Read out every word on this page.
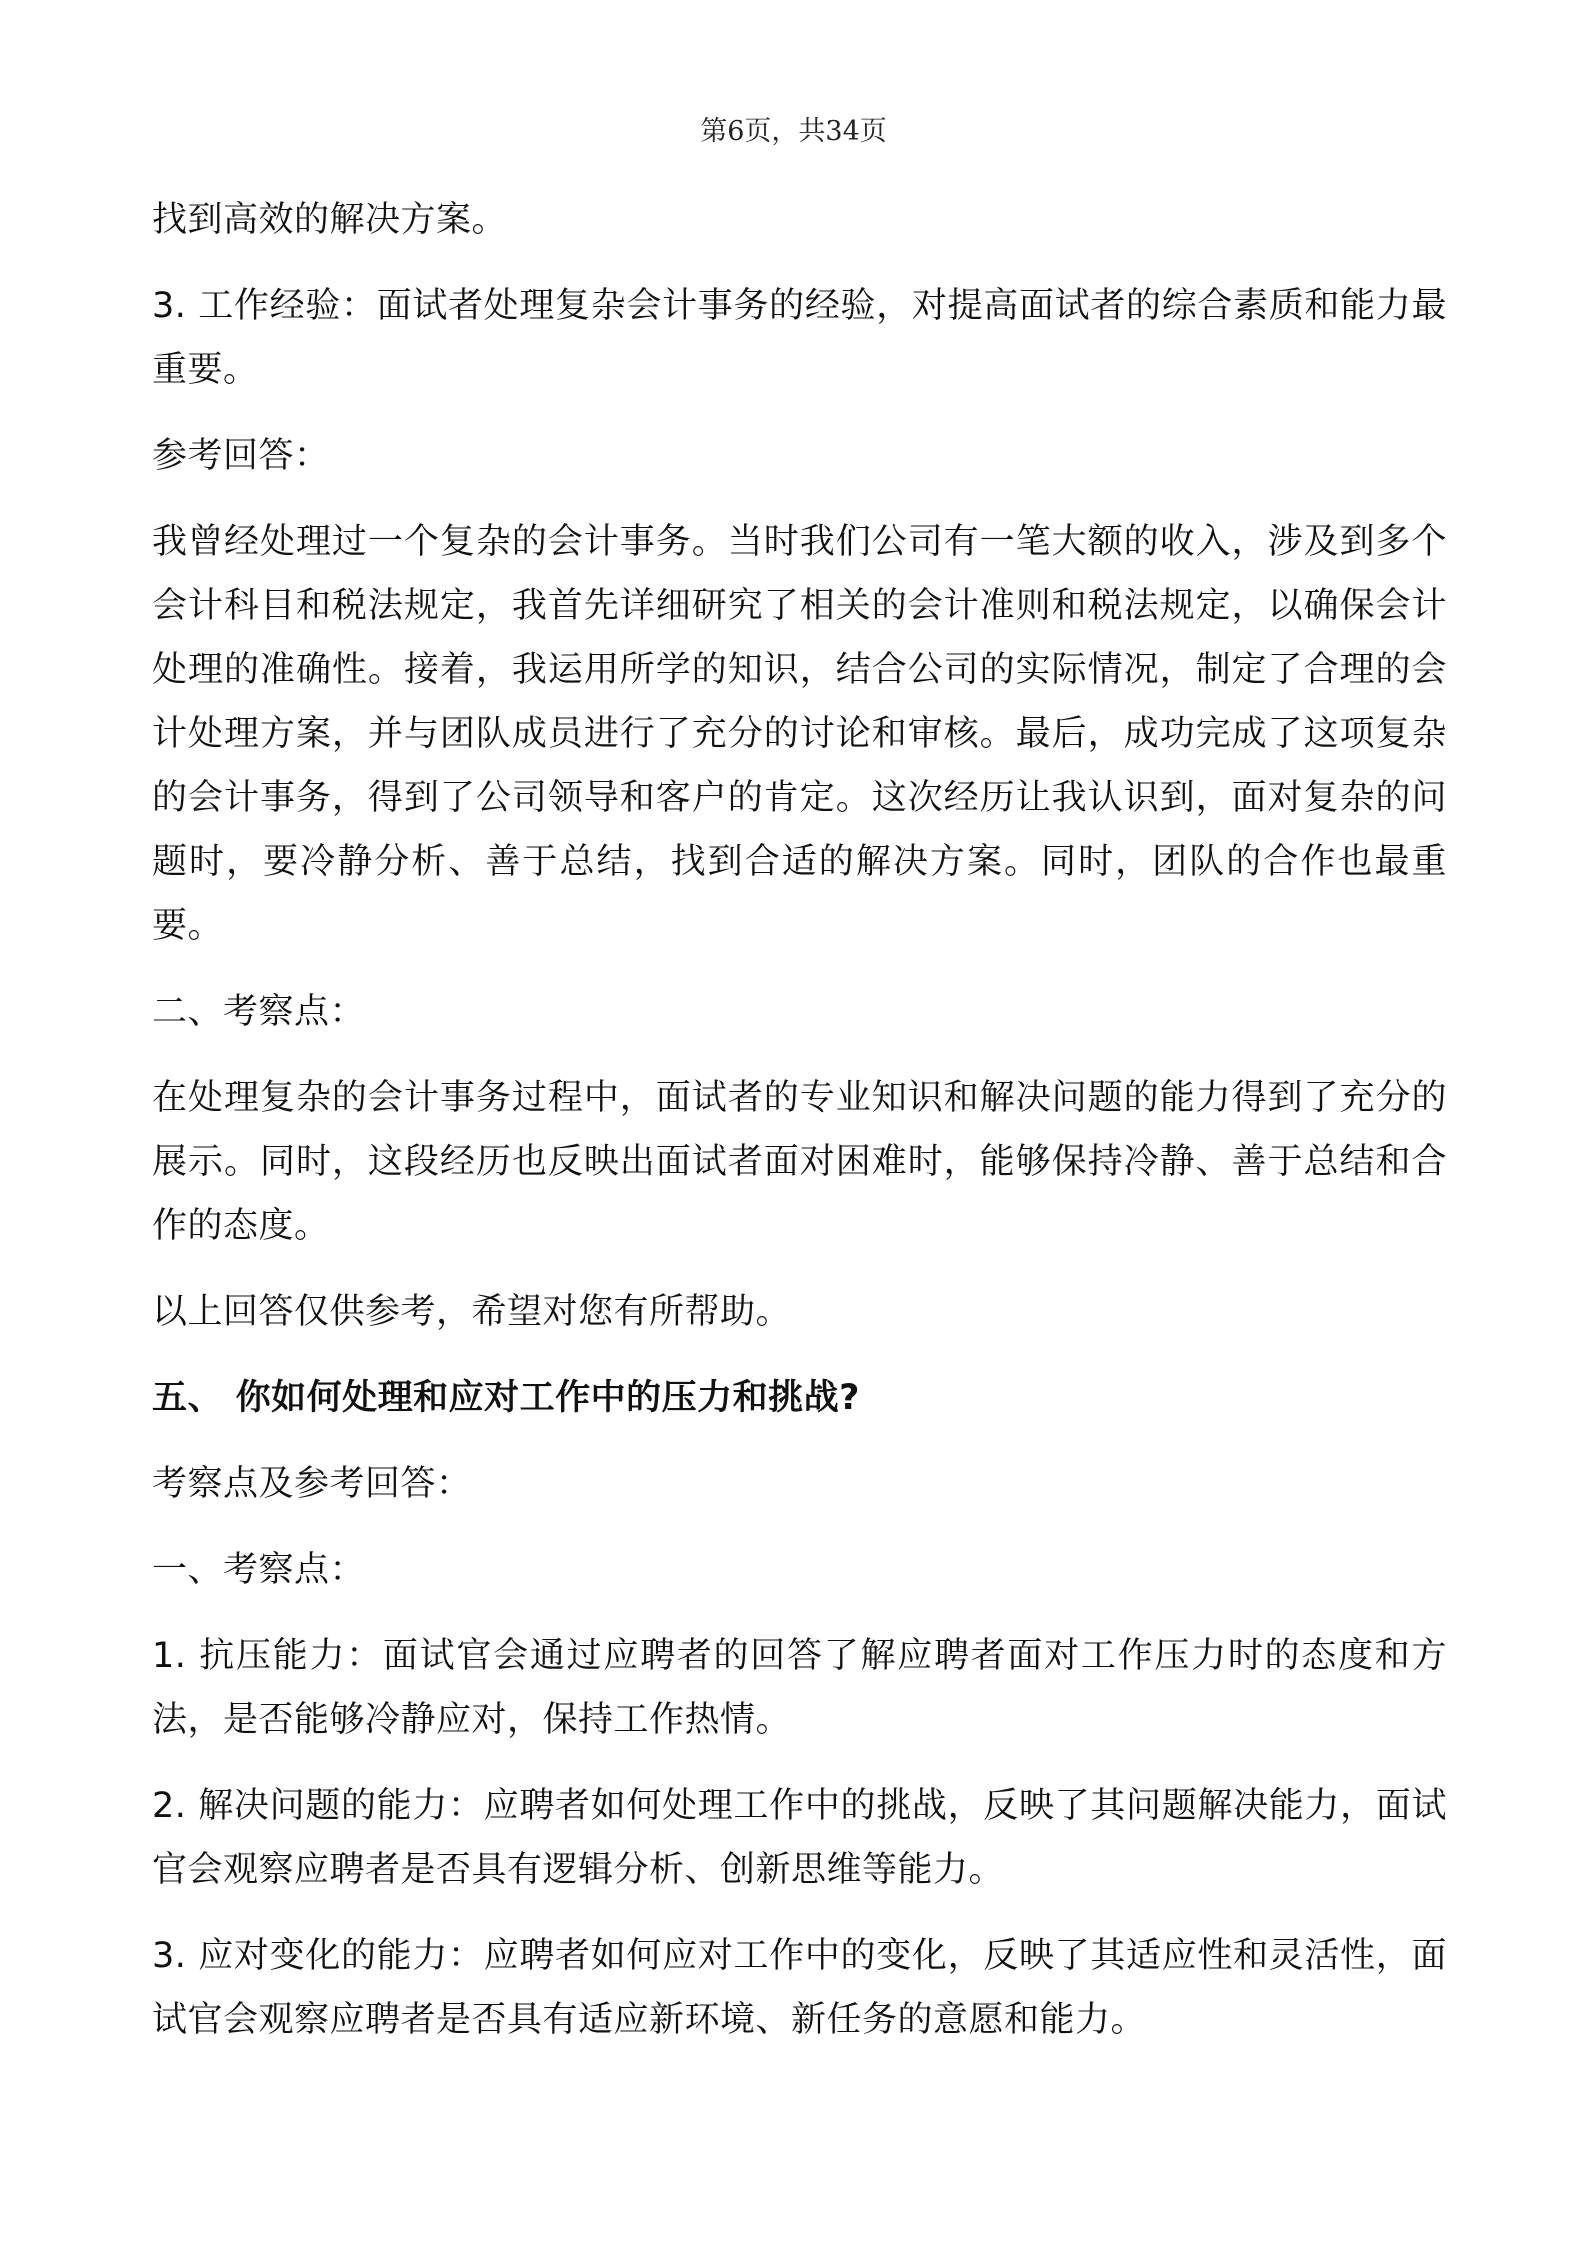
第6页，共34页

找到高效的解决方案。

3. 工作经验：面试者处理复杂会计事务的经验，对提高面试者的综合素质和能力最重要。

参考回答：

我曾经处理过一个复杂的会计事务。当时我们公司有一笔大额的收入，涉及到多个会计科目和税法规定，我首先详细研究了相关的会计准则和税法规定，以确保会计处理的准确性。接着，我运用所学的知识，结合公司的实际情况，制定了合理的会计处理方案，并与团队成员进行了充分的讨论和审核。最后，成功完成了这项复杂的会计事务，得到了公司领导和客户的肯定。这次经历让我认识到，面对复杂的问题时，要冷静分析、善于总结，找到合适的解决方案。同时，团队的合作也最重要。

二、考察点：

在处理复杂的会计事务过程中，面试者的专业知识和解决问题的能力得到了充分的展示。同时，这段经历也反映出面试者面对困难时，能够保持冷静、善于总结和合作的态度。

以上回答仅供参考，希望对您有所帮助。

五、 你如何处理和应对工作中的压力和挑战?

考察点及参考回答：

一、考察点：

1. 抗压能力：面试官会通过应聘者的回答了解应聘者面对工作压力时的态度和方法，是否能够冷静应对，保持工作热情。

2. 解决问题的能力：应聘者如何处理工作中的挑战，反映了其问题解决能力，面试官会观察应聘者是否具有逻辑分析、创新思维等能力。

3. 应对变化的能力：应聘者如何应对工作中的变化，反映了其适应性和灵活性，面试官会观察应聘者是否具有适应新环境、新任务的意愿和能力。
